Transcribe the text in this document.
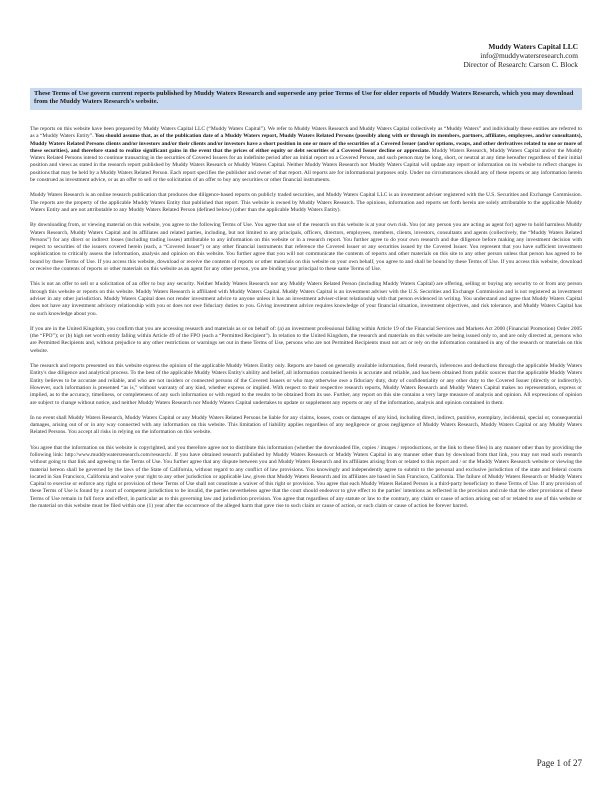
Muddy Waters Capital LLC
info@muddywatersresearch.com
Director of Research: Carson C. Block
These Terms of Use govern current reports published by Muddy Waters Research and supersede any prior Terms of Use for older reports of Muddy Waters Research, which you may download from the Muddy Waters Research's website.

The reports on this website have been prepared by Muddy Waters Capital LLC (“Muddy Waters Capital”). We refer to Muddy Waters Research and Muddy Waters Capital collectively as “Muddy Waters” and individually these entities are referred to as a “Muddy Waters Entity”. You should assume that, as of the publication date of a Muddy Waters report, Muddy Waters Related Persons (possibly along with or through its members, partners, affiliates, employees, and/or consultants), Muddy Waters Related Persons clients and/or investors and/or their clients and/or investors have a short position in one or more of the securities of a Covered Issuer (and/or options, swaps, and other derivatives related to one or more of these securities), and therefore stand to realize significant gains in the event that the prices of either equity or debt securities of a Covered Issuer decline or appreciate. Muddy Waters Research, Muddy Waters Capital and/or the Muddy Waters Related Persons intend to continue transacting in the securities of Covered Issuers for an indefinite period after an initial report on a Covered Person, and such person may be long, short, or neutral at any time hereafter regardless of their initial position and views as stated in the research report published by Muddy Waters Research or Muddy Waters Capital. Neither Muddy Waters Research nor Muddy Waters Capital will update any report or information on its website to reflect changes in positions that may be held by a Muddy Waters Related Person. Each report specifies the publisher and owner of that report. All reports are for informational purposes only. Under no circumstances should any of these reports or any information herein be construed as investment advice, or as an offer to sell or the solicitation of an offer to buy any securities or other financial instruments.

Muddy Waters Research is an online research publication that produces due diligence-based reports on publicly traded securities, and Muddy Waters Capital LLC is an investment adviser registered with the U.S. Securities and Exchange Commission. The reports are the property of the applicable Muddy Waters Entity that published that report. This website is owned by Muddy Waters Research. The opinions, information and reports set forth herein are solely attributable to the applicable Muddy Waters Entity and are not attributable to any Muddy Waters Related Person (defined below) (other than the applicable Muddy Waters Entity).

By downloading from, or viewing material on this website, you agree to the following Terms of Use. You agree that use of the research on this website is at your own risk. You (or any person you are acting as agent for) agree to hold harmless Muddy Waters Research, Muddy Waters Capital and its affiliates and related parties, including, but not limited to any principals, officers, directors, employees, members, clients, investors, consultants and agents (collectively, the “Muddy Waters Related Persons”) for any direct or indirect losses (including trading losses) attributable to any information on this website or in a research report. You further agree to do your own research and due diligence before making any investment decision with respect to securities of the issuers covered herein (each, a “Covered Issuer”) or any other financial instruments that reference the Covered Issuer or any securities issued by the Covered Issuer. You represent that you have sufficient investment sophistication to critically assess the information, analysis and opinion on this website. You further agree that you will not communicate the contents of reports and other materials on this site to any other person unless that person has agreed to be bound by these Terms of Use. If you access this website, download or receive the contents of reports or other materials on this website on your own behalf, you agree to and shall be bound by these Terms of Use. If you access this website, download or receive the contents of reports or other materials on this website as an agent for any other person, you are binding your principal to these same Terms of Use.

This is not an offer to sell or a solicitation of an offer to buy any security. Neither Muddy Waters Research nor any Muddy Waters Related Person (including Muddy Waters Capital) are offering, selling or buying any security to or from any person through this website or reports on this website. Muddy Waters Research is affiliated with Muddy Waters Capital. Muddy Waters Capital is an investment adviser with the U.S. Securities and Exchange Commission and is not registered as investment adviser in any other jurisdiction. Muddy Waters Capital does not render investment advice to anyone unless it has an investment adviser-client relationship with that person evidenced in writing. You understand and agree that Muddy Waters Capital does not have any investment advisory relationship with you or does not owe fiduciary duties to you. Giving investment advice requires knowledge of your financial situation, investment objectives, and risk tolerance, and Muddy Waters Capital has no such knowledge about you.

If you are in the United Kingdom, you confirm that you are accessing research and materials as or on behalf of: (a) an investment professional falling within Article 19 of the Financial Services and Markets Act 2000 (Financial Promotion) Order 2005 (the “FPO”); or (b) high net worth entity falling within Article 49 of the FPO (each a “Permitted Recipient”). In relation to the United Kingdom, the research and materials on this website are being issued only to, and are only directed at, persons who are Permitted Recipients and, without prejudice to any other restrictions or warnings set out in these Terms of Use, persons who are not Permitted Recipients must not act or rely on the information contained in any of the research or materials on this website.

The research and reports presented on this website express the opinion of the applicable Muddy Waters Entity only. Reports are based on generally available information, field research, inferences and deductions through the applicable Muddy Waters Entity's due diligence and analytical process. To the best of the applicable Muddy Waters Entity's ability and belief, all information contained herein is accurate and reliable, and has been obtained from public sources that the applicable Muddy Waters Entity believes to be accurate and reliable, and who are not insiders or connected persons of the Covered Issuers or who may otherwise owe a fiduciary duty, duty of confidentiality or any other duty to the Covered Issuer (directly or indirectly). However, such information is presented “as is,” without warranty of any kind, whether express or implied. With respect to their respective research reports, Muddy Waters Research and Muddy Waters Capital makes no representation, express or implied, as to the accuracy, timeliness, or completeness of any such information or with regard to the results to be obtained from its use. Further, any report on this site contains a very large measure of analysis and opinion. All expressions of opinion are subject to change without notice, and neither Muddy Waters Research nor Muddy Waters Capital undertakes to update or supplement any reports or any of the information, analysis and opinion contained in them.

In no event shall Muddy Waters Research, Muddy Waters Capital or any Muddy Waters Related Persons be liable for any claims, losses, costs or damages of any kind, including direct, indirect, punitive, exemplary, incidental, special or, consequential damages, arising out of or in any way connected with any information on this website. This limitation of liability applies regardless of any negligence or gross negligence of Muddy Waters Research, Muddy Waters Capital or any Muddy Waters Related Persons. You accept all risks in relying on the information on this website.

You agree that the information on this website is copyrighted, and you therefore agree not to distribute this information (whether the downloaded file, copies / images / reproductions, or the link to these files) in any manner other than by providing the following link: http://www.muddywatersresearch.com/research/. If you have obtained research published by Muddy Waters Research or Muddy Waters Capital in any manner other than by download from that link, you may not read such research without going to that link and agreeing to the Terms of Use. You further agree that any dispute between you and Muddy Waters Research and its affiliates arising from or related to this report and / or the Muddy Waters Research website or viewing the material hereon shall be governed by the laws of the State of California, without regard to any conflict of law provisions. You knowingly and independently agree to submit to the personal and exclusive jurisdiction of the state and federal courts located in San Francisco, California and waive your right to any other jurisdiction or applicable law, given that Muddy Waters Research and its affiliates are based in San Francisco, California. The failure of Muddy Waters Research or Muddy Waters Capital to exercise or enforce any right or provision of these Terms of Use shall not constitute a waiver of this right or provision. You agree that each Muddy Waters Related Person is a third-party beneficiary to these Terms of Use. If any provision of these Terms of Use is found by a court of competent jurisdiction to be invalid, the parties nevertheless agree that the court should endeavor to give effect to the parties' intentions as reflected in the provision and rule that the other provisions of these Terms of Use remain in full force and effect, in particular as to this governing law and jurisdiction provision. You agree that regardless of any statute or law to the contrary, any claim or cause of action arising out of or related to use of this website or the material on this website must be filed within one (1) year after the occurrence of the alleged harm that gave rise to such claim or cause of action, or such claim or cause of action be forever barred.

Page 1 of 27
